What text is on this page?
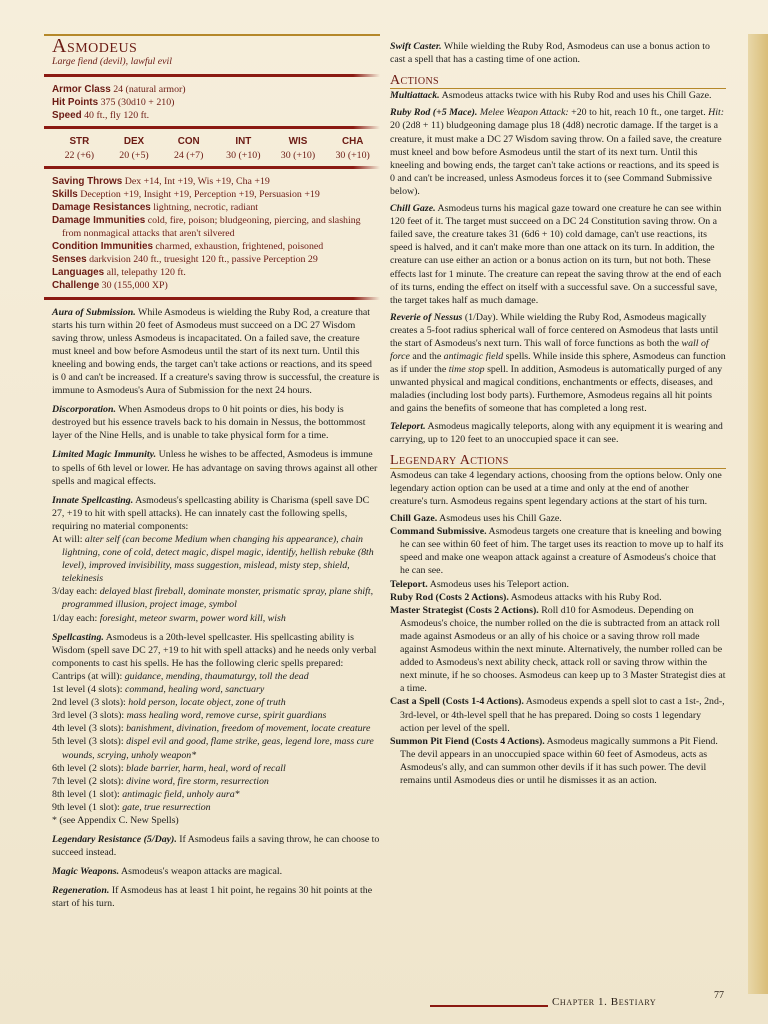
Asmodeus
Large fiend (devil), lawful evil
Armor Class 24 (natural armor)
Hit Points 375 (30d10 + 210)
Speed 40 ft., fly 120 ft.
STR	DEX	CON	INT	WIS	CHA
22 (+6)	20 (+5)	24 (+7)	30 (+10)	30 (+10)	30 (+10)
Saving Throws Dex +14, Int +19, Wis +19, Cha +19
Skills Deception +19, Insight +19, Perception +19, Persuasion +19
Damage Resistances lightning, necrotic, radiant
Damage Immunities cold, fire, poison; bludgeoning, piercing, and slashing from nonmagical attacks that aren't silvered
Condition Immunities charmed, exhaustion, frightened, poisoned
Senses darkvision 240 ft., truesight 120 ft., passive Perception 29
Languages all, telepathy 120 ft.
Challenge 30 (155,000 XP)
Aura of Submission. While Asmodeus is wielding the Ruby Rod, a creature that starts his turn within 20 feet of Asmodeus must succeed on a DC 27 Wisdom saving throw, unless Asmodeus is incapacitated. On a failed save, the creature must kneel and bow before Asmodeus until the start of its next turn. Until this kneeling and bowing ends, the target can't take actions or reactions, and its speed is 0 and can't be increased. If a creature's saving throw is successful, the creature is immune to Asmodeus's Aura of Submission for the next 24 hours.
Discorporation. When Asmodeus drops to 0 hit points or dies, his body is destroyed but his essence travels back to his domain in Nessus, the bottommost layer of the Nine Hells, and is unable to take physical form for a time.
Limited Magic Immunity. Unless he wishes to be affected, Asmodeus is immune to spells of 6th level or lower. He has advantage on saving throws against all other spells and magical effects.
Innate Spellcasting. Asmodeus's spellcasting ability is Charisma (spell save DC 27, +19 to hit with spell attacks). He can innately cast the following spells, requiring no material components:
At will: alter self (can become Medium when changing his appearance), chain lightning, cone of cold, detect magic, dispel magic, identify, hellish rebuke (8th level), improved invisibility, mass suggestion, mislead, misty step, shield, telekinesis
3/day each: delayed blast fireball, dominate monster, prismatic spray, plane shift, programmed illusion, project image, symbol
1/day each: foresight, meteor swarm, power word kill, wish
Spellcasting. Asmodeus is a 20th-level spellcaster. His spellcasting ability is Wisdom (spell save DC 27, +19 to hit with spell attacks) and he needs only verbal components to cast his spells. He has the following cleric spells prepared:
Cantrips (at will): guidance, mending, thaumaturgy, toll the dead
1st level (4 slots): command, healing word, sanctuary
2nd level (3 slots): hold person, locate object, zone of truth
3rd level (3 slots): mass healing word, remove curse, spirit guardians
4th level (3 slots): banishment, divination, freedom of movement, locate creature
5th level (3 slots): dispel evil and good, flame strike, geas, legend lore, mass cure wounds, scrying, unholy weapon*
6th level (2 slots): blade barrier, harm, heal, word of recall
7th level (2 slots): divine word, fire storm, resurrection
8th level (1 slot): antimagic field, unholy aura*
9th level (1 slot): gate, true resurrection
* (see Appendix C. New Spells)
Legendary Resistance (5/Day). If Asmodeus fails a saving throw, he can choose to succeed instead.
Magic Weapons. Asmodeus's weapon attacks are magical.
Regeneration. If Asmodeus has at least 1 hit point, he regains 30 hit points at the start of his turn.

Swift Caster. While wielding the Ruby Rod, Asmodeus can use a bonus action to cast a spell that has a casting time of one action.

Actions

Multiattack. Asmodeus attacks twice with his Ruby Rod and uses his Chill Gaze.

Ruby Rod (+5 Mace). Melee Weapon Attack: +20 to hit, reach 10 ft., one target. Hit: 20 (2d8 + 11) bludgeoning damage plus 18 (4d8) necrotic damage. If the target is a creature, it must make a DC 27 Wisdom saving throw. On a failed save, the creature must kneel and bow before Asmodeus until the start of its next turn. Until this kneeling and bowing ends, the target can't take actions or reactions, and its speed is 0 and can't be increased, unless Asmodeus forces it to (see Command Submissive below).

Chill Gaze. Asmodeus turns his magical gaze toward one creature he can see within 120 feet of it. The target must succeed on a DC 24 Constitution saving throw. On a failed save, the creature takes 31 (6d6 + 10) cold damage, can't use reactions, its speed is halved, and it can't make more than one attack on its turn. In addition, the creature can use either an action or a bonus action on its turn, but not both. These effects last for 1 minute. The creature can repeat the saving throw at the end of each of its turns, ending the effect on itself with a successful save. On a successful save, the target takes half as much damage.

Reverie of Nessus (1/Day). While wielding the Ruby Rod, Asmodeus magically creates a 5-foot radius spherical wall of force centered on Asmodeus that lasts until the start of Asmodeus's next turn. This wall of force functions as both the wall of force and the antimagic field spells. While inside this sphere, Asmodeus can function as if under the time stop spell. In addition, Asmodeus is automatically purged of any unwanted physical and magical conditions, enchantments or effects, diseases, and maladies (including lost body parts). Furthemore, Asmodeus regains all hit points and gains the benefits of someone that has completed a long rest.

Teleport. Asmodeus magically teleports, along with any equipment it is wearing and carrying, up to 120 feet to an unoccupied space it can see.

Legendary Actions

Asmodeus can take 4 legendary actions, choosing from the options below. Only one legendary action option can be used at a time and only at the end of another creature's turn. Asmodeus regains spent legendary actions at the start of his turn.

Chill Gaze. Asmodeus uses his Chill Gaze.
Command Submissive. Asmodeus targets one creature that is kneeling and bowing he can see within 60 feet of him. The target uses its reaction to move up to half its speed and make one weapon attack against a creature of Asmodeus's choice that he can see.
Teleport. Asmodeus uses his Teleport action.
Ruby Rod (Costs 2 Actions). Asmodeus attacks with his Ruby Rod.
Master Strategist (Costs 2 Actions). Roll d10 for Asmodeus. Depending on Asmodeus's choice, the number rolled on the die is subtracted from an attack roll made against Asmodeus or an ally of his choice or a saving throw roll made against Asmodeus within the next minute. Alternatively, the number rolled can be added to Asmodeus's next ability check, attack roll or saving throw within the next minute, if he so chooses. Asmodeus can keep up to 3 Master Strategist dies at a time.
Cast a Spell (Costs 1-4 Actions). Asmodeus expends a spell slot to cast a 1st-, 2nd-, 3rd-level, or 4th-level spell that he has prepared. Doing so costs 1 legendary action per level of the spell.
Summon Pit Fiend (Costs 4 Actions). Asmodeus magically summons a Pit Fiend. The devil appears in an unoccupied space within 60 feet of Asmodeus, acts as Asmodeus's ally, and can summon other devils if it has such power. The devil remains until Asmodeus dies or until he dismisses it as an action.
Chapter 1. Bestiary
77
